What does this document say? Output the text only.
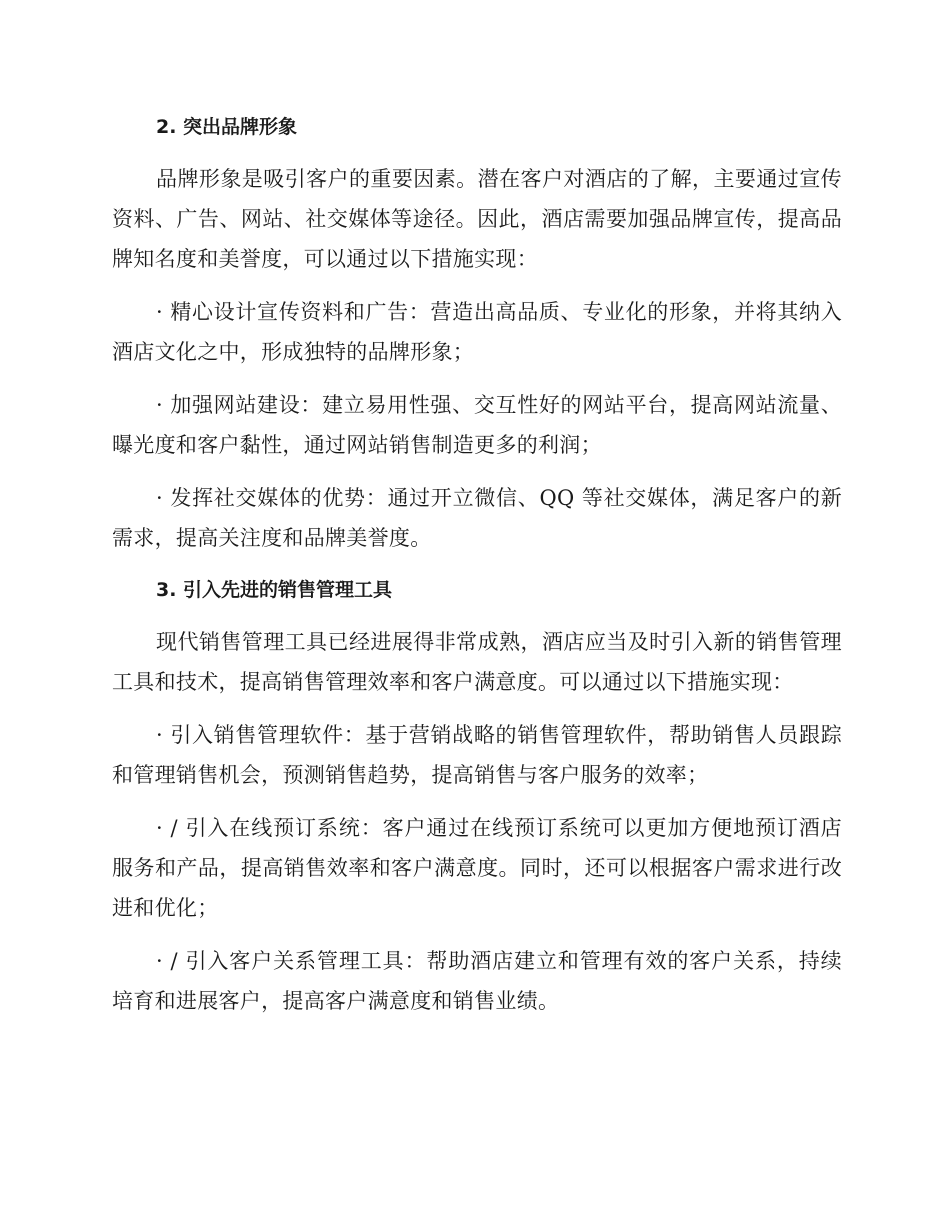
2. 突出品牌形象

品牌形象是吸引客户的重要因素。潜在客户对酒店的了解，主要通过宣传资料、广告、网站、社交媒体等途径。因此，酒店需要加强品牌宣传，提高品牌知名度和美誉度，可以通过以下措施实现：

· 精心设计宣传资料和广告：营造出高品质、专业化的形象，并将其纳入酒店文化之中，形成独特的品牌形象；

· 加强网站建设：建立易用性强、交互性好的网站平台，提高网站流量、曝光度和客户黏性，通过网站销售制造更多的利润；

· 发挥社交媒体的优势：通过开立微信、QQ 等社交媒体，满足客户的新需求，提高关注度和品牌美誉度。

3. 引入先进的销售管理工具

现代销售管理工具已经进展得非常成熟，酒店应当及时引入新的销售管理工具和技术，提高销售管理效率和客户满意度。可以通过以下措施实现：

· 引入销售管理软件：基于营销战略的销售管理软件，帮助销售人员跟踪和管理销售机会，预测销售趋势，提高销售与客户服务的效率；

· / 引入在线预订系统：客户通过在线预订系统可以更加方便地预订酒店服务和产品，提高销售效率和客户满意度。同时，还可以根据客户需求进行改进和优化；

· / 引入客户关系管理工具：帮助酒店建立和管理有效的客户关系，持续培育和进展客户，提高客户满意度和销售业绩。
